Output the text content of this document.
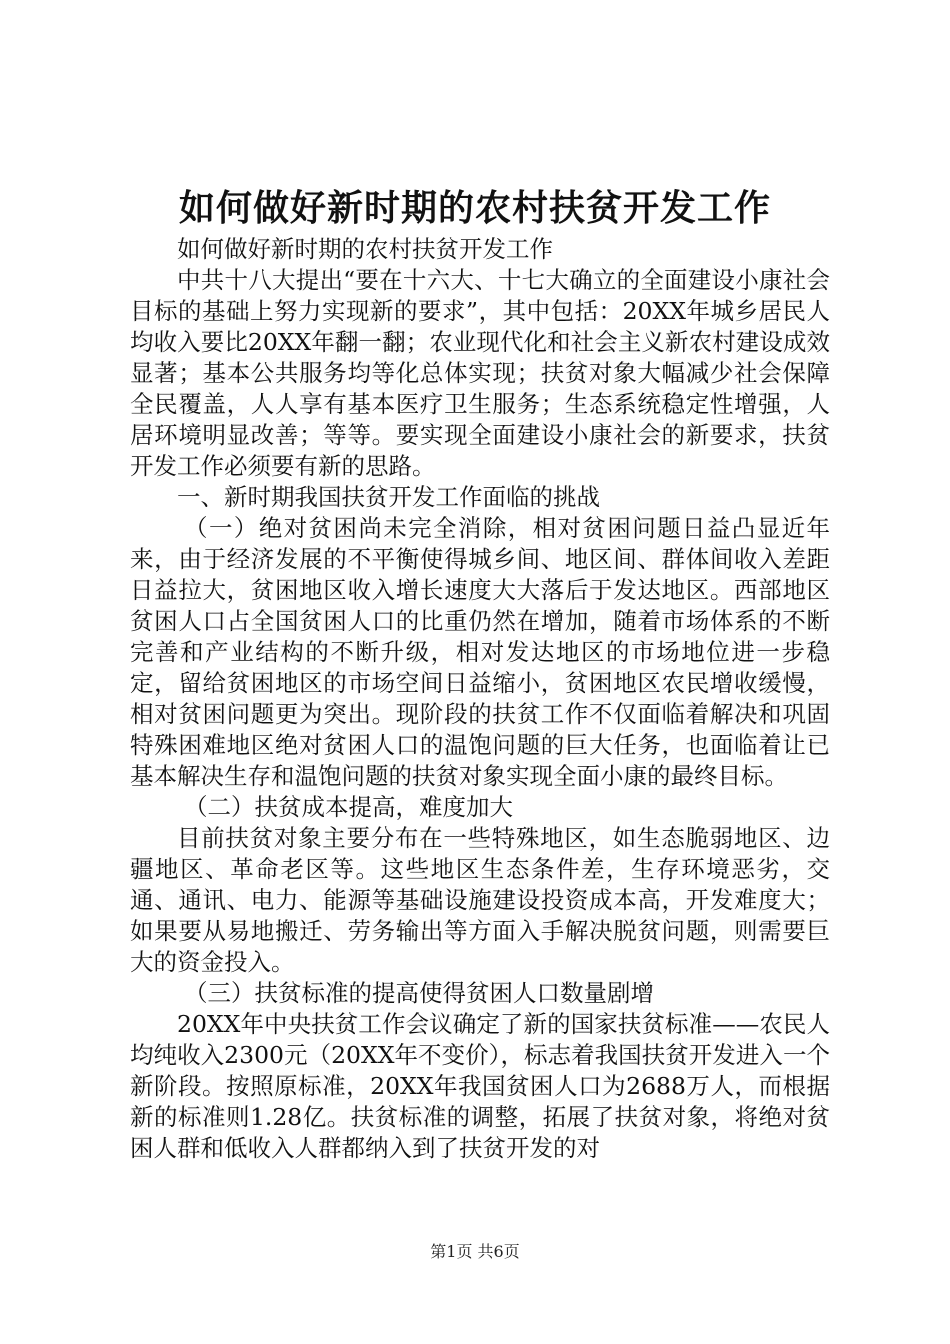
如何做好新时期的农村扶贫开发工作

如何做好新时期的农村扶贫开发工作

中共十八大提出“要在十六大、十七大确立的全面建设小康社会目标的基础上努力实现新的要求”，其中包括：20XX年城乡居民人均收入要比20XX年翻一翻；农业现代化和社会主义新农村建设成效显著；基本公共服务均等化总体实现；扶贫对象大幅减少社会保障全民覆盖，人人享有基本医疗卫生服务；生态系统稳定性增强，人居环境明显改善；等等。要实现全面建设小康社会的新要求，扶贫开发工作必须要有新的思路。

一、新时期我国扶贫开发工作面临的挑战

（一）绝对贫困尚未完全消除，相对贫困问题日益凸显近年来，由于经济发展的不平衡使得城乡间、地区间、群体间收入差距日益拉大，贫困地区收入增长速度大大落后于发达地区。西部地区贫困人口占全国贫困人口的比重仍然在增加，随着市场体系的不断完善和产业结构的不断升级，相对发达地区的市场地位进一步稳定，留给贫困地区的市场空间日益缩小，贫困地区农民增收缓慢，相对贫困问题更为突出。现阶段的扶贫工作不仅面临着解决和巩固特殊困难地区绝对贫困人口的温饱问题的巨大任务，也面临着让已基本解决生存和温饱问题的扶贫对象实现全面小康的最终目标。

（二）扶贫成本提高，难度加大

目前扶贫对象主要分布在一些特殊地区，如生态脆弱地区、边疆地区、革命老区等。这些地区生态条件差，生存环境恶劣，交通、通讯、电力、能源等基础设施建设投资成本高，开发难度大；如果要从易地搬迁、劳务输出等方面入手解决脱贫问题，则需要巨大的资金投入。

（三）扶贫标准的提高使得贫困人口数量剧增

20XX年中央扶贫工作会议确定了新的国家扶贫标准——农民人均纯收入2300元（20XX年不变价），标志着我国扶贫开发进入一个新阶段。按照原标准，20XX年我国贫困人口为2688万人，而根据新的标准则1.28亿。扶贫标准的调整，拓展了扶贫对象，将绝对贫困人群和低收入人群都纳入到了扶贫开发的对

第1页 共6页
